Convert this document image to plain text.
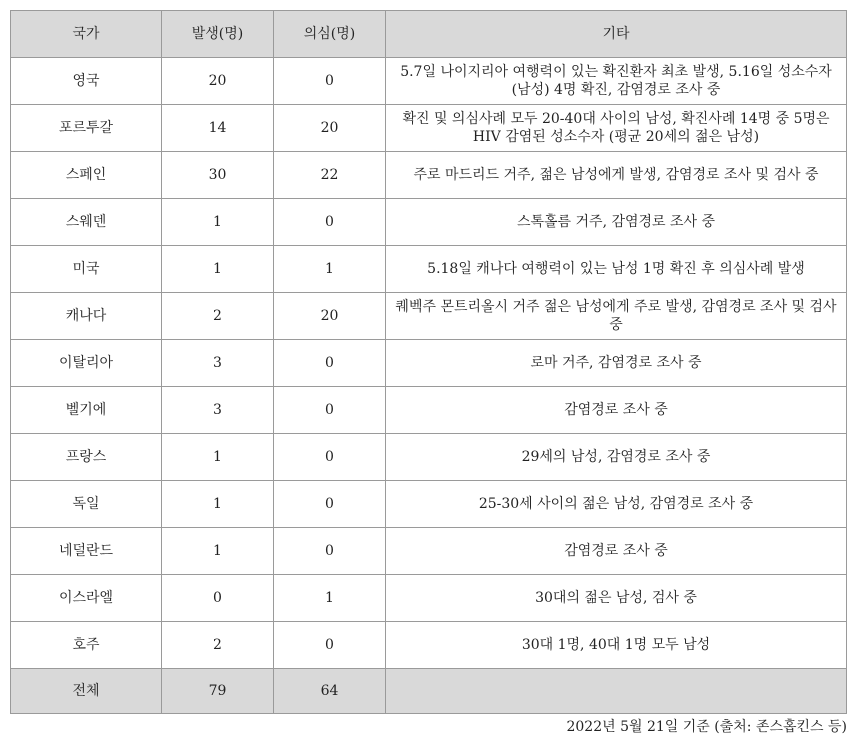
국가	발생(명)	의심(명)	기타
영국	20	0	5.7일 나이지리아 여행력이 있는 확진환자 최초 발생, 5.16일 성소수자(남성) 4명 확진, 감염경로 조사 중
포르투갈	14	20	확진 및 의심사례 모두 20-40대 사이의 남성, 확진사례 14명 중 5명은 HIV 감염된 성소수자 (평균 20세의 젊은 남성)
스페인	30	22	주로 마드리드 거주, 젊은 남성에게 발생, 감염경로 조사 및 검사 중
스웨덴	1	0	스톡홀름 거주, 감염경로 조사 중
미국	1	1	5.18일 캐나다 여행력이 있는 남성 1명 확진 후 의심사례 발생
캐나다	2	20	퀘벡주 몬트리올시 거주 젊은 남성에게 주로 발생, 감염경로 조사 및 검사 중
이탈리아	3	0	로마 거주, 감염경로 조사 중
벨기에	3	0	감염경로 조사 중
프랑스	1	0	29세의 남성, 감염경로 조사 중
독일	1	0	25-30세 사이의 젊은 남성, 감염경로 조사 중
네덜란드	1	0	감염경로 조사 중
이스라엘	0	1	30대의 젊은 남성, 검사 중
호주	2	0	30대 1명, 40대 1명 모두 남성
전체	79	64	
2022년 5월 21일 기준 (출처: 존스홉킨스 등)
